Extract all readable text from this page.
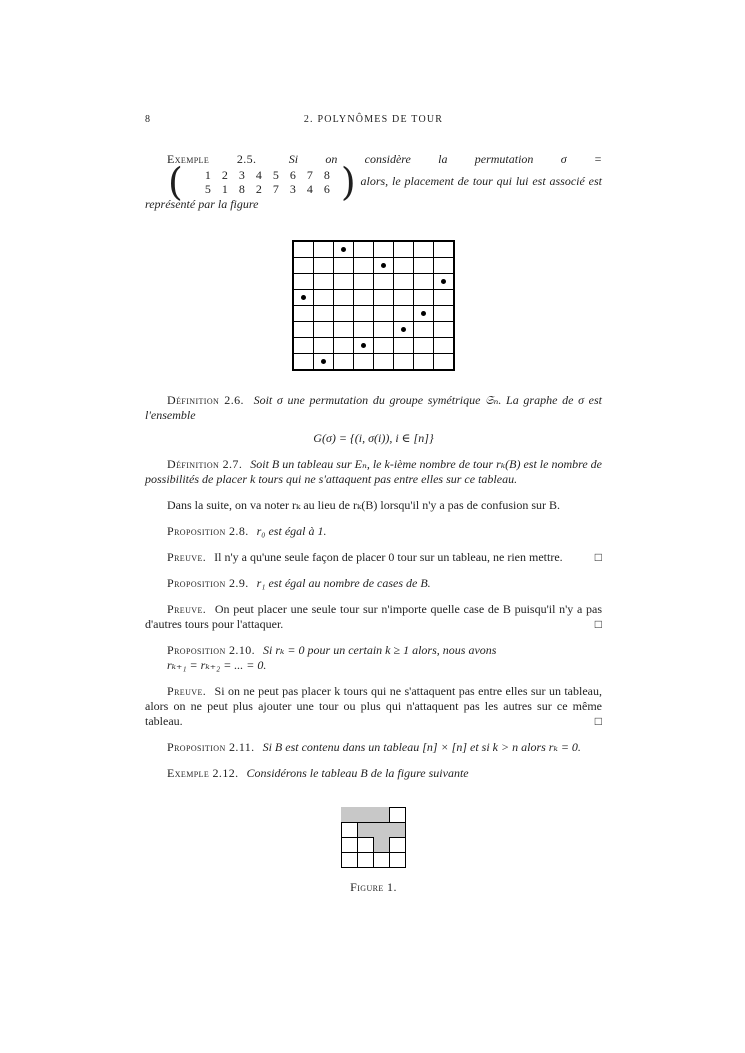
8	2. POLYNÔMES DE TOUR

Exemple 2.5.	Si on considère la permutation σ =
(	1 2 3 4 5 6 7 8
5 1 8 2 7 3 4 6 ) alors, le placement de tour qui lui est associé est représenté par la figure

Définition 2.6. Soit σ une permutation du groupe symétrique 𝔖ₙ. La graphe de σ est l'ensemble

G(σ) = {(i, σ(i)), i ∈ [n]}

Définition 2.7. Soit B un tableau sur Eₙ, le k-ième nombre de tour rₖ(B) est le nombre de possibilités de placer k tours qui ne s'attaquent pas entre elles sur ce tableau.

Dans la suite, on va noter rₖ au lieu de rₖ(B) lorsqu'il n'y a pas de confusion sur B.

Proposition 2.8. r₀ est égal à 1.

Preuve. Il n'y a qu'une seule façon de placer 0 tour sur un tableau, ne rien mettre.	□

Proposition 2.9. r₁ est égal au nombre de cases de B.

Preuve. On peut placer une seule tour sur n'importe quelle case de B puisqu'il n'y a pas d'autres tours pour l'attaquer.	□

Proposition 2.10. Si rₖ = 0 pour un certain k ≥ 1 alors, nous avons

rₖ₊₁ = rₖ₊₂ = ... = 0.

Preuve. Si on ne peut pas placer k tours qui ne s'attaquent pas entre elles sur un tableau, alors on ne peut plus ajouter une tour ou plus qui n'attaquent pas les autres sur ce même tableau.	□

Proposition 2.11. Si B est contenu dans un tableau [n] × [n] et si k > n alors rₖ = 0.

Exemple 2.12. Considérons le tableau B de la figure suivante

Figure 1.
